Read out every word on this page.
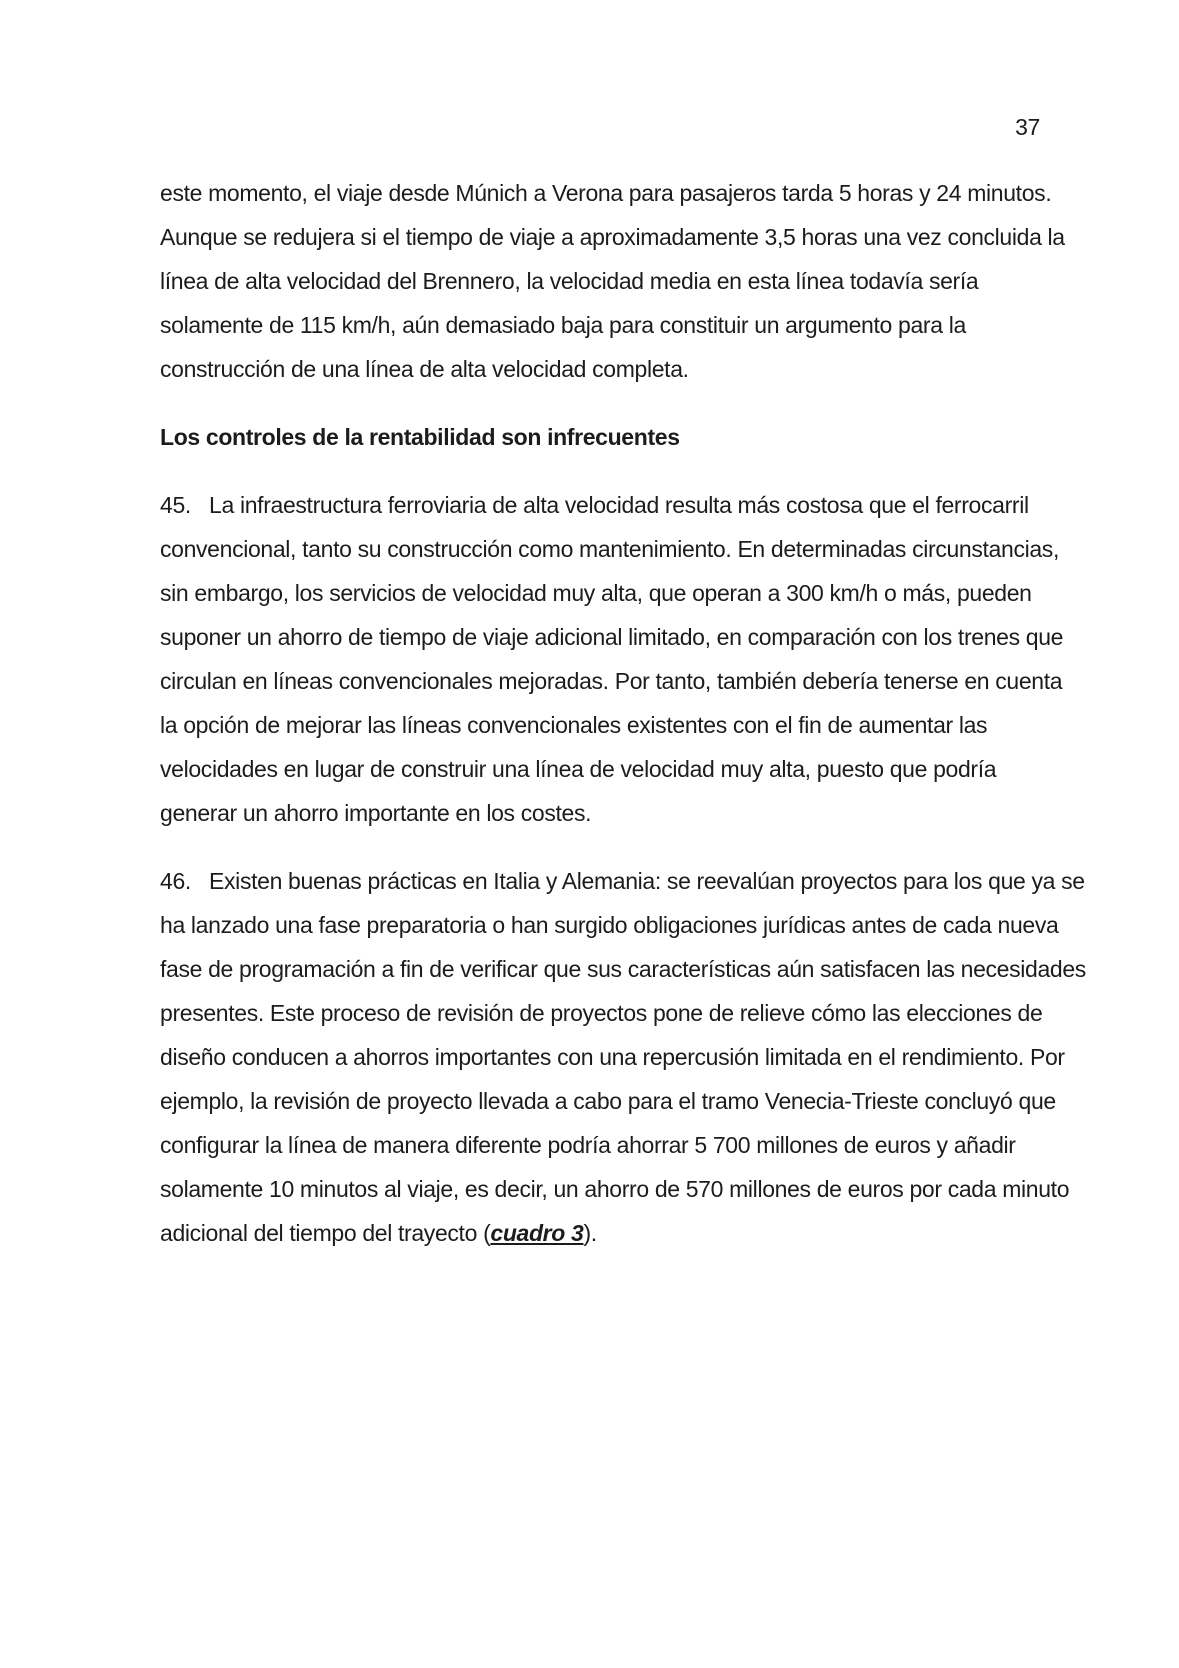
37
este momento, el viaje desde Múnich a Verona para pasajeros tarda 5 horas y 24 minutos.
Aunque se redujera si el tiempo de viaje a aproximadamente 3,5 horas una vez concluida la
línea de alta velocidad del Brennero, la velocidad media en esta línea todavía sería
solamente de 115 km/h, aún demasiado baja para constituir un argumento para la
construcción de una línea de alta velocidad completa.
Los controles de la rentabilidad son infrecuentes
45.   La infraestructura ferroviaria de alta velocidad resulta más costosa que el ferrocarril
convencional, tanto su construcción como mantenimiento. En determinadas circunstancias,
sin embargo, los servicios de velocidad muy alta, que operan a 300 km/h o más, pueden
suponer un ahorro de tiempo de viaje adicional limitado, en comparación con los trenes que
circulan en líneas convencionales mejoradas. Por tanto, también debería tenerse en cuenta
la opción de mejorar las líneas convencionales existentes con el fin de aumentar las
velocidades en lugar de construir una línea de velocidad muy alta, puesto que podría
generar un ahorro importante en los costes.
46.   Existen buenas prácticas en Italia y Alemania: se reevalúan proyectos para los que ya se
ha lanzado una fase preparatoria o han surgido obligaciones jurídicas antes de cada nueva
fase de programación a fin de verificar que sus características aún satisfacen las necesidades
presentes. Este proceso de revisión de proyectos pone de relieve cómo las elecciones de
diseño conducen a ahorros importantes con una repercusión limitada en el rendimiento. Por
ejemplo, la revisión de proyecto llevada a cabo para el tramo Venecia-Trieste concluyó que
configurar la línea de manera diferente podría ahorrar 5 700 millones de euros y añadir
solamente 10 minutos al viaje, es decir, un ahorro de 570 millones de euros por cada minuto
adicional del tiempo del trayecto (cuadro 3).
